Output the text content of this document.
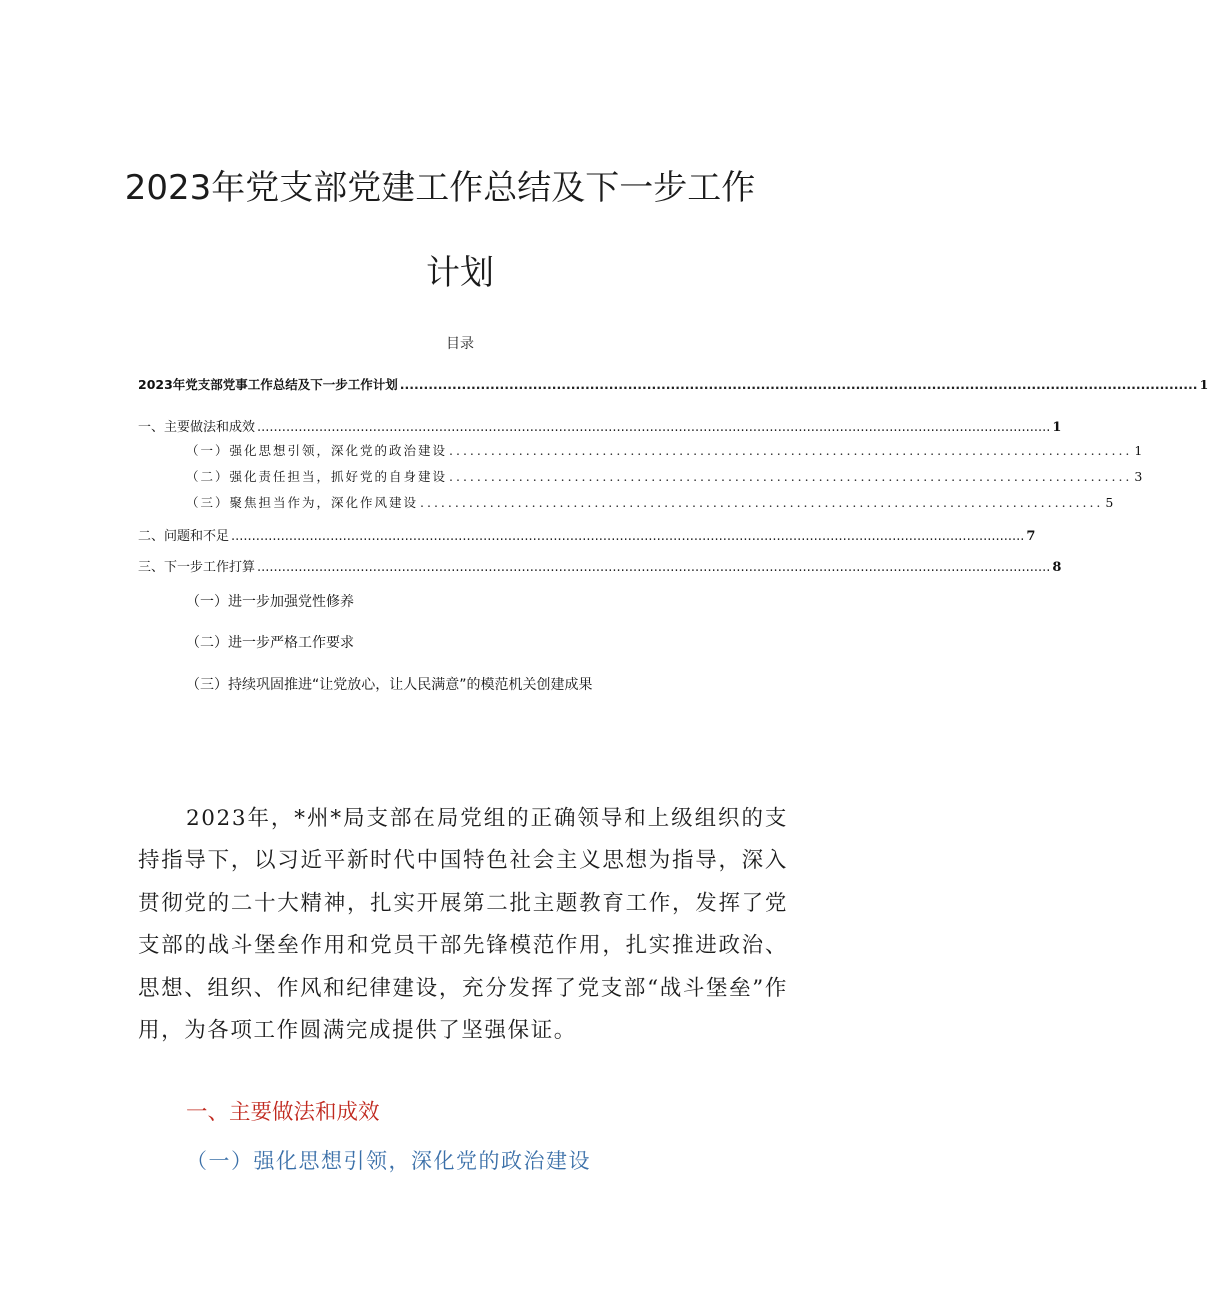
2023年党支部党建工作总结及下一步工作
计划
目录
2023年党支部党事工作总结及下一步工作计划 ........................................................................................................................................................................ 1
一、主要做法和成效 ................................................................................................................................................................................................ 1
（一）强化思想引领，深化党的政治建设 .................................................................................................. 1
（二）强化责任担当，抓好党的自身建设 .................................................................................................. 3
（三）聚焦担当作为，深化作风建设 .................................................................................................. 5
二、问题和不足 ................................................................................................................................................................................................ 7
三、下一步工作打算 ................................................................................................................................................................................................ 8
（一）进一步加强党性修养
（二）进一步严格工作要求
（三）持续巩固推进“让党放心，让人民满意”的模范机关创建成果

2023年，*州*局支部在局党组的正确领导和上级组织的支持指导下，以习近平新时代中国特色社会主义思想为指导，深入贯彻党的二十大精神，扎实开展第二批主题教育工作，发挥了党支部的战斗堡垒作用和党员干部先锋模范作用，扎实推进政治、思想、组织、作风和纪律建设，充分发挥了党支部“战斗堡垒”作用，为各项工作圆满完成提供了坚强保证。

一、主要做法和成效
（一）强化思想引领，深化党的政治建设
